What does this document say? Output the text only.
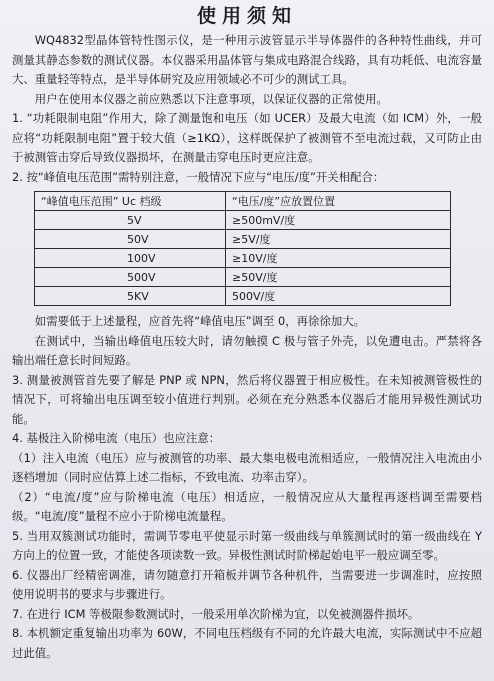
使用须知

WQ4832型晶体管特性图示仪，是一种用示波管显示半导体器件的各种特性曲线，并可测量其静态参数的测试仪器。本仪器采用晶体管与集成电路混合线路，具有功耗低、电流容量大、重量轻等特点，是半导体研究及应用领域必不可少的测试工具。

用户在使用本仪器之前应熟悉以下注意事项，以保证仪器的正常使用。

1. “功耗限制电阻”作用大，除了测量饱和电压（如 UCER）及最大电流（如 ICM）外，一般应将“功耗限制电阻”置于较大值（≥1KΩ），这样既保护了被测管不至电流过载，又可防止由于被测管击穿后导致仪器损坏，在测量击穿电压时更应注意。

2. 按“峰值电压范围”需特别注意，一般情况下应与“电压/度”开关相配合：

“峰值电压范围” Uc 档级	“电压/度”应放置位置
5V	≥500mV/度
50V	≥5V/度
100V	≥10V/度
500V	≥50V/度
5KV	500V/度

如需要低于上述量程，应首先将“峰值电压”调至 0，再徐徐加大。

在测试中，当输出峰值电压较大时，请勿触摸 C 极与管子外壳，以免遭电击。严禁将各输出端任意长时间短路。

3. 测量被测管首先要了解是 PNP 或 NPN，然后将仪器置于相应极性。在未知被测管极性的情况下，可将输出电压调至较小值进行判别。必须在充分熟悉本仪器后才能用异极性测试功能。

4. 基极注入阶梯电流（电压）也应注意：

（1）注入电流（电压）应与被测管的功率、最大集电极电流相适应，一般情况注入电流由小逐档增加（同时应估算上述二指标，不致电流、功率击穿）。

（2）“电流/度”应与阶梯电流（电压）相适应，一般情况应从大量程再逐档调至需要档级。“电流/度”量程不应小于阶梯电流量程。

5. 当用双簇测试功能时，需调节零电平使显示时第一级曲线与单簇测试时的第一级曲线在 Y 方向上的位置一致，才能使各项读数一致。异极性测试时阶梯起始电平一般应调至零。

6. 仪器出厂经精密调准，请勿随意打开箱板并调节各种机件，当需要进一步调准时，应按照使用说明书的要求与步骤进行。

7. 在进行 ICM 等极限参数测试时，一般采用单次阶梯为宜，以免被测器件损坏。

8. 本机额定重复输出功率为 60W，不同电压档级有不同的允许最大电流，实际测试中不应超过此值。
